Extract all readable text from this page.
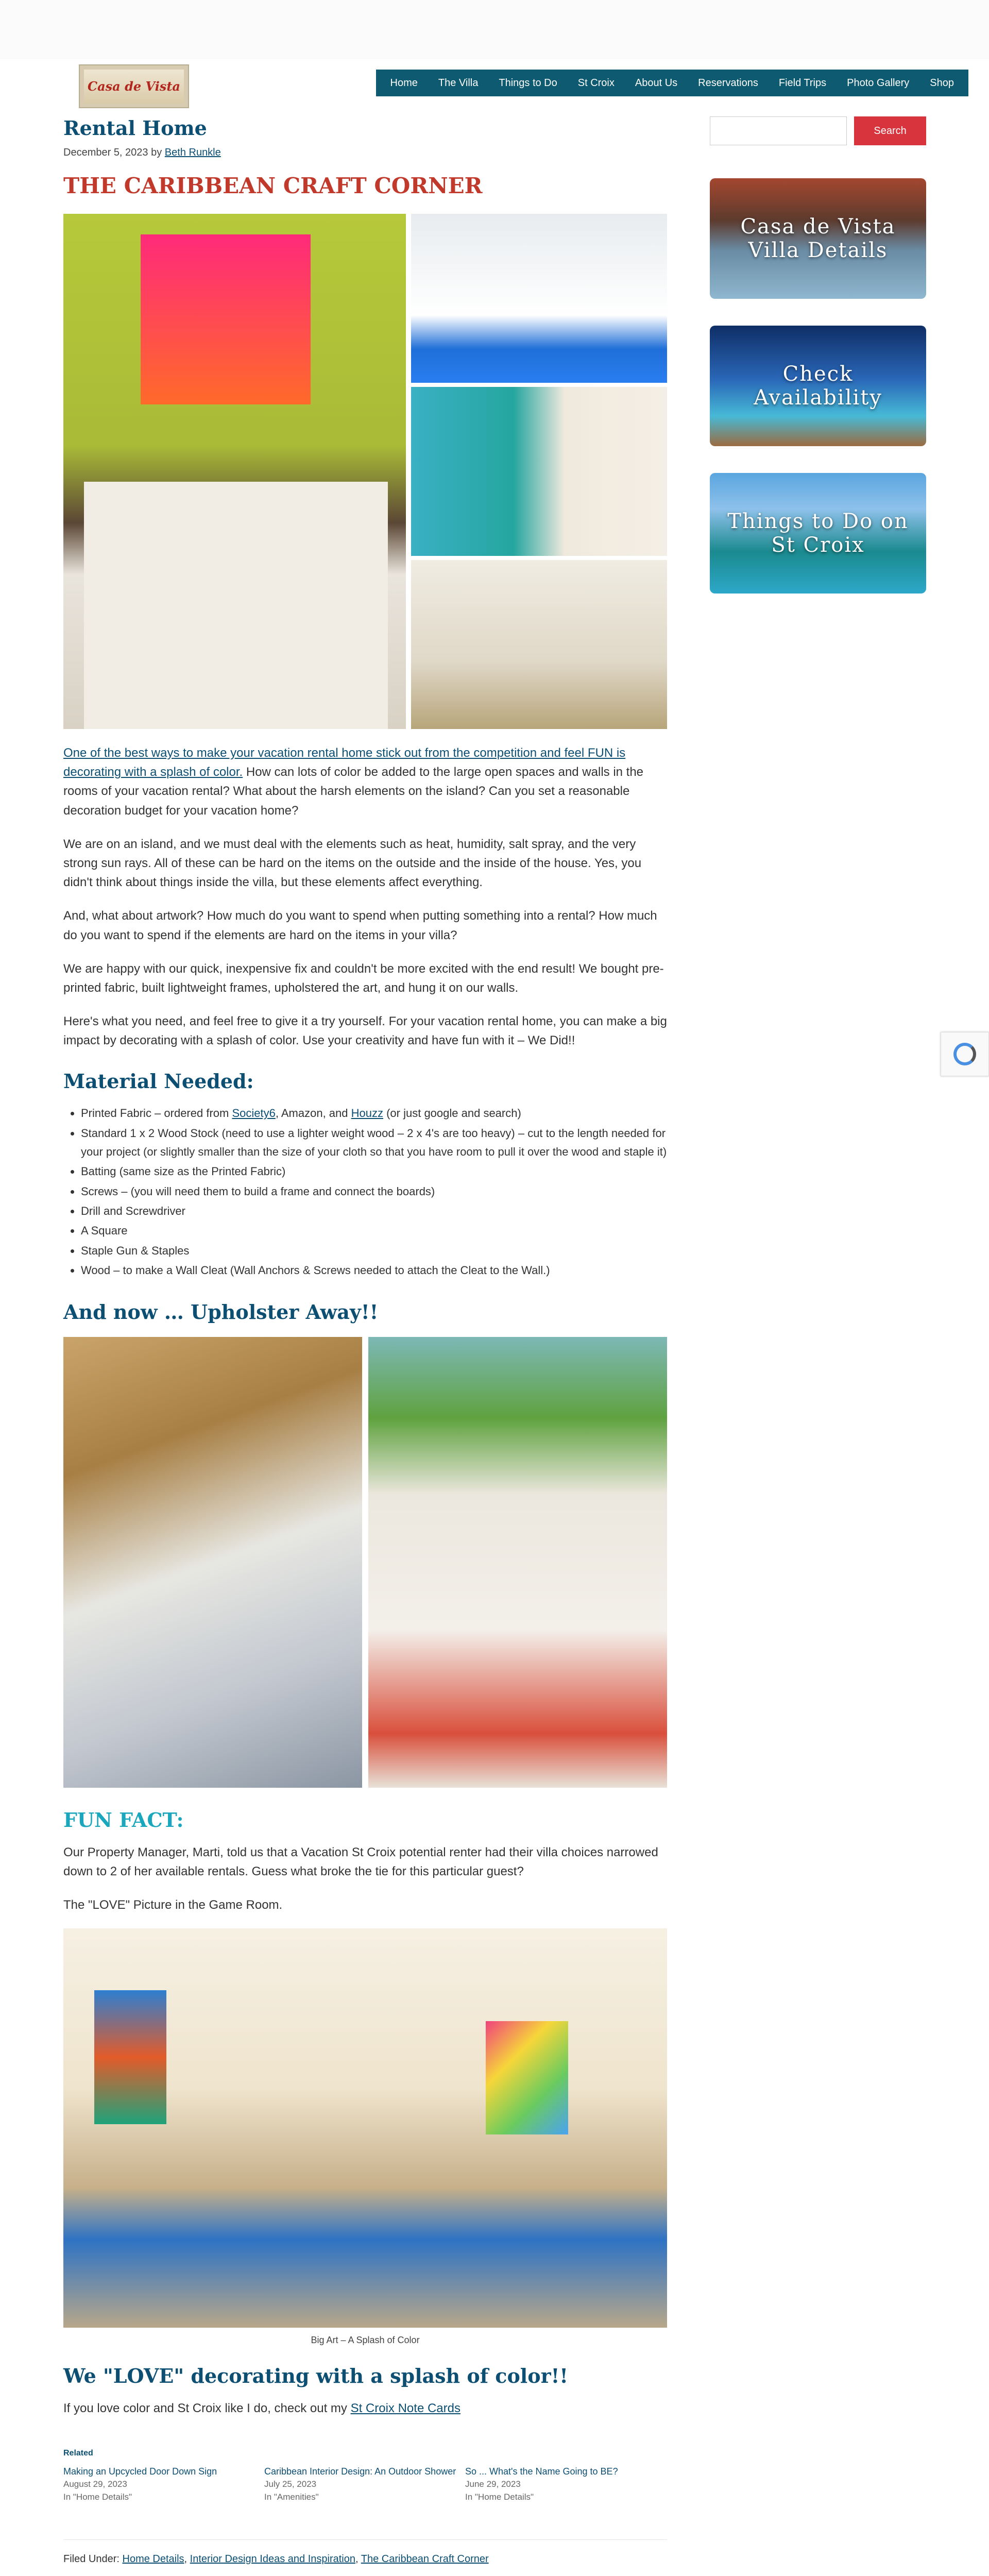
Casa de Vista	Home	The Villa	Things to Do	St Croix	About Us	Reservations	Field Trips	Photo Gallery	Shop
Rental Home

December 5, 2023 by Beth Runkle

THE CARIBBEAN CRAFT CORNER

One of the best ways to make your vacation rental home stick out from the competition and feel FUN is decorating with a splash of color. How can lots of color be added to the large open spaces and walls in the rooms of your vacation rental? What about the harsh elements on the island? Can you set a reasonable decoration budget for your vacation home?

We are on an island, and we must deal with the elements such as heat, humidity, salt spray, and the very strong sun rays. All of these can be hard on the items on the outside and the inside of the house. Yes, you didn't think about things inside the villa, but these elements affect everything.

And, what about artwork? How much do you want to spend when putting something into a rental? How much do you want to spend if the elements are hard on the items in your villa?

We are happy with our quick, inexpensive fix and couldn't be more excited with the end result! We bought pre-printed fabric, built lightweight frames, upholstered the art, and hung it on our walls.

Here's what you need, and feel free to give it a try yourself. For your vacation rental home, you can make a big impact by decorating with a splash of color. Use your creativity and have fun with it – We Did!!

Material Needed:
• Printed Fabric – ordered from Society6, Amazon, and Houzz (or just google and search)
• Standard 1 x 2 Wood Stock (need to use a lighter weight wood – 2 x 4's are too heavy) – cut to the length needed for your project (or slightly smaller than the size of your cloth so that you have room to pull it over the wood and staple it)
• Batting (same size as the Printed Fabric)
• Screws – (you will need them to build a frame and connect the boards)
• Drill and Screwdriver
• A Square
• Staple Gun & Staples
• Wood – to make a Wall Cleat (Wall Anchors & Screws needed to attach the Cleat to the Wall.)
And now … Upholster Away!!
FUN FACT:

Our Property Manager, Marti, told us that a Vacation St Croix potential renter had their villa choices narrowed down to 2 of her available rentals. Guess what broke the tie for this particular guest?

The "LOVE" Picture in the Game Room.

Big Art – A Splash of Color

We "LOVE" decorating with a splash of color!!

If you love color and St Croix like I do, check out my St Croix Note Cards

Related
Making an Upcycled Door Down Sign
August 29, 2023
In "Home Details"
Caribbean Interior Design: An Outdoor Shower
July 25, 2023
In "Amenities"
So ... What's the Name Going to BE?
June 29, 2023
In "Home Details"

Filed Under: Home Details, Interior Design Ideas and Inspiration, The Caribbean Craft Corner

Search
Casa de Vista Villa Details
Check Availability
Things to Do on St Croix
